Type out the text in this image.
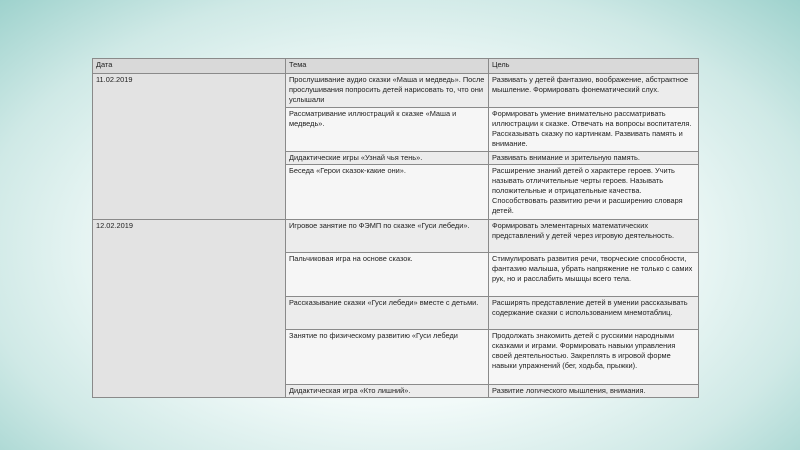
Дата	Тема	Цель
11.02.2019	Прослушивание аудио сказки «Маша и медведь». После прослушивания попросить детей нарисовать то, что они услышали	Развивать у детей фантазию, воображение, абстрактное мышление. Формировать фонематический слух.
	Рассматривание иллюстраций к сказке «Маша и медведь».	Формировать умение внимательно рассматривать иллюстрации к сказке. Отвечать на вопросы воспитателя. Рассказывать сказку по картинкам. Развивать память и внимание.
	Дидактические игры «Узнай чья тень».	Развивать внимание и зрительную память.
	Беседа «Герои сказок-какие они».	Расширение знаний детей о характере героев. Учить называть отличительные черты героев. Называть положительные и отрицательные качества. Способствовать развитию речи и расширению словаря детей.
12.02.2019	Игровое занятие по ФЭМП по сказке «Гуси лебеди».	Формировать элементарных математических представлений у детей через игровую деятельность.
	Пальчиковая игра на основе сказок.	Стимулировать развития речи, творческие способности, фантазию малыша, убрать напряжение не только с самих рук, но и расслабить мышцы всего тела.
	Рассказывание сказки «Гуси лебеди» вместе с детьми.	Расширять представление детей в умении рассказывать содержание сказки с использованием мнемотаблиц.
	Занятие по физическому развитию «Гуси лебеди	Продолжать знакомить детей с русскими народными сказками и играми. Формировать навыки управления своей деятельностью. Закреплять в игровой форме навыки упражнений (бег, ходьба, прыжки).
	Дидактическая игра «Кто лишний».	Развитие логического мышления, внимания.
